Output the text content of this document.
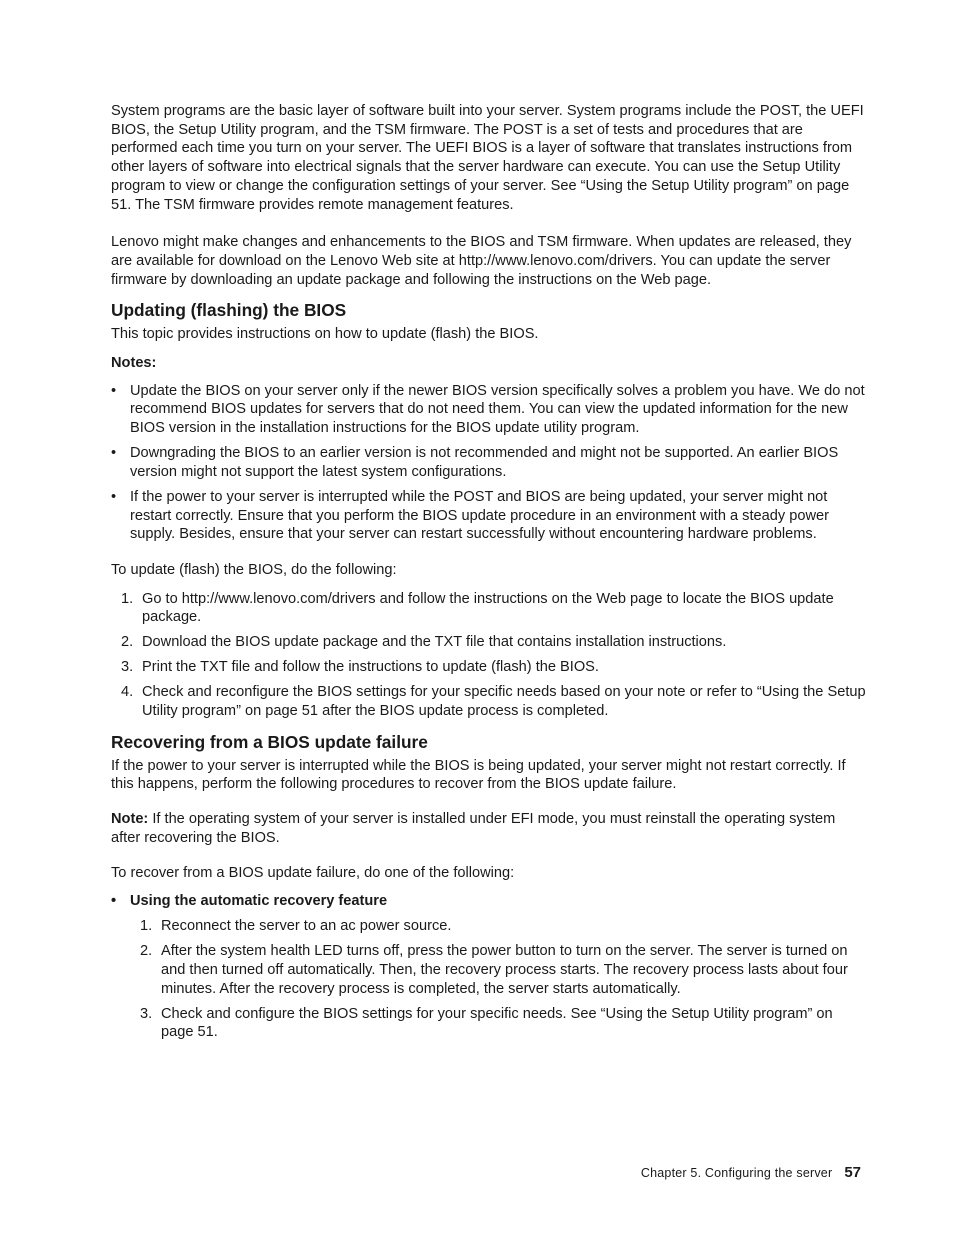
System programs are the basic layer of software built into your server. System programs include the POST, the UEFI BIOS, the Setup Utility program, and the TSM firmware. The POST is a set of tests and procedures that are performed each time you turn on your server. The UEFI BIOS is a layer of software that translates instructions from other layers of software into electrical signals that the server hardware can execute. You can use the Setup Utility program to view or change the configuration settings of your server. See “Using the Setup Utility program” on page 51. The TSM firmware provides remote management features.

Lenovo might make changes and enhancements to the BIOS and TSM firmware. When updates are released, they are available for download on the Lenovo Web site at http://www.lenovo.com/drivers. You can update the server firmware by downloading an update package and following the instructions on the Web page.

Updating (flashing) the BIOS

This topic provides instructions on how to update (flash) the BIOS.

Notes:

• Update the BIOS on your server only if the newer BIOS version specifically solves a problem you have. We do not recommend BIOS updates for servers that do not need them. You can view the updated information for the new BIOS version in the installation instructions for the BIOS update utility program.
• Downgrading the BIOS to an earlier version is not recommended and might not be supported. An earlier BIOS version might not support the latest system configurations.
• If the power to your server is interrupted while the POST and BIOS are being updated, your server might not restart correctly. Ensure that you perform the BIOS update procedure in an environment with a steady power supply. Besides, ensure that your server can restart successfully without encountering hardware problems.

To update (flash) the BIOS, do the following:

1. Go to http://www.lenovo.com/drivers and follow the instructions on the Web page to locate the BIOS update package.
2. Download the BIOS update package and the TXT file that contains installation instructions.
3. Print the TXT file and follow the instructions to update (flash) the BIOS.
4. Check and reconfigure the BIOS settings for your specific needs based on your note or refer to “Using the Setup Utility program” on page 51 after the BIOS update process is completed.
Recovering from a BIOS update failure

If the power to your server is interrupted while the BIOS is being updated, your server might not restart correctly. If this happens, perform the following procedures to recover from the BIOS update failure.

Note: If the operating system of your server is installed under EFI mode, you must reinstall the operating system after recovering the BIOS.

To recover from a BIOS update failure, do one of the following:

• Using the automatic recovery feature
1. Reconnect the server to an ac power source.
2. After the system health LED turns off, press the power button to turn on the server. The server is turned on and then turned off automatically. Then, the recovery process starts. The recovery process lasts about four minutes. After the recovery process is completed, the server starts automatically.
3. Check and configure the BIOS settings for your specific needs. See “Using the Setup Utility program” on page 51.
Chapter 5. Configuring the server 57
